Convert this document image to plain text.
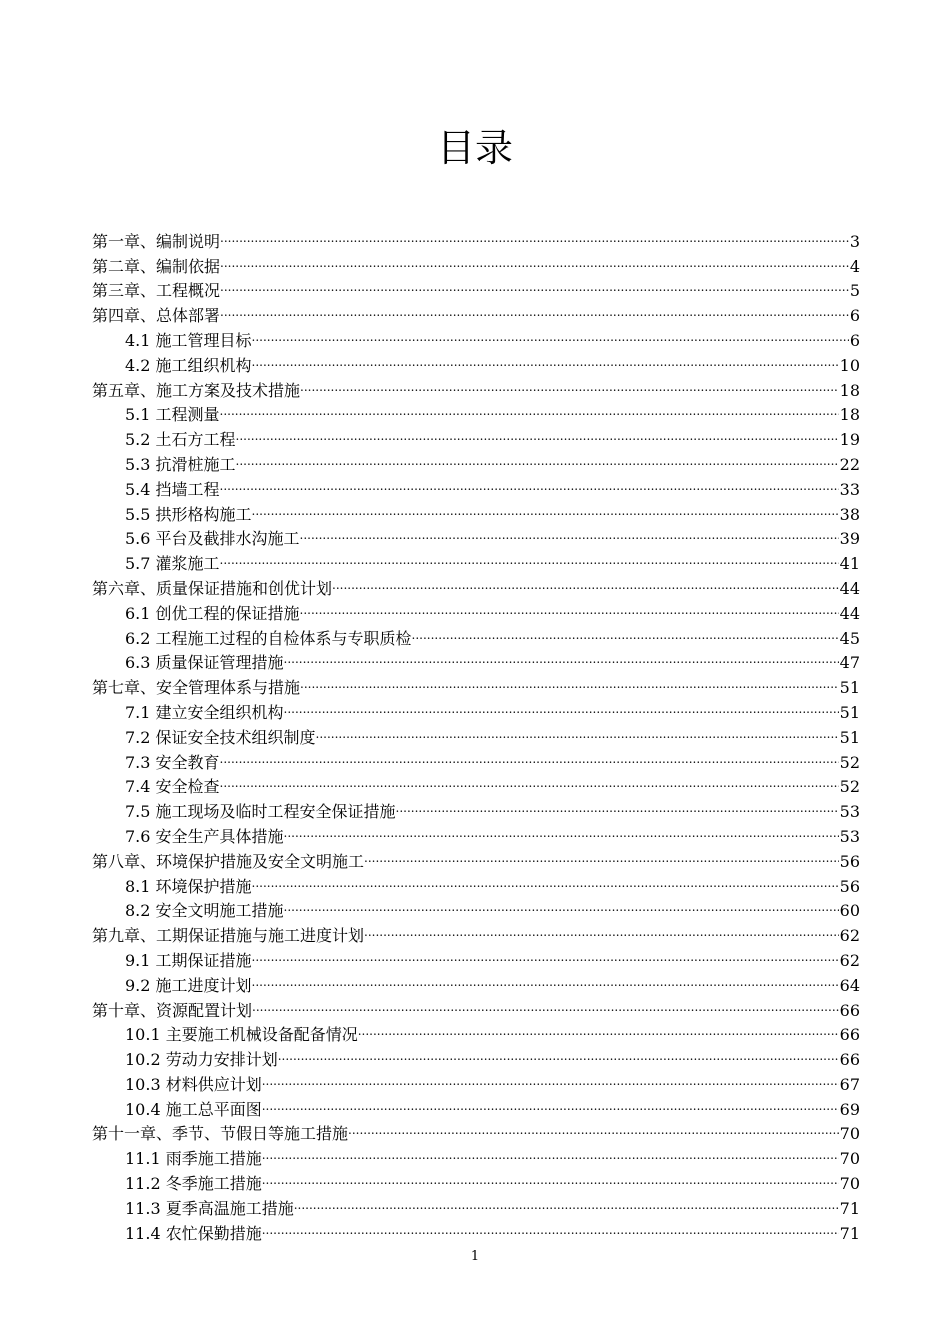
目录
第一章、编制说明 .....	3
第二章、编制依据 .....	4
第三章、工程概况 .....	5
第四章、总体部署 .....	6
4.1 施工管理目标 .....	6
4.2 施工组织机构 .....	10
第五章、施工方案及技术措施 .....	18
5.1 工程测量 .....	18
5.2 土石方工程 .....	19
5.3 抗滑桩施工 .....	22
5.4 挡墙工程 .....	33
5.5 拱形格构施工 .....	38
5.6 平台及截排水沟施工 .....	39
5.7 灌浆施工 .....	41
第六章、质量保证措施和创优计划 .....	44
6.1 创优工程的保证措施 .....	44
6.2 工程施工过程的自检体系与专职质检 .....	45
6.3 质量保证管理措施 .....	47
第七章、安全管理体系与措施 .....	51
7.1 建立安全组织机构 .....	51
7.2 保证安全技术组织制度 .....	51
7.3 安全教育 .....	52
7.4 安全检查 .....	52
7.5 施工现场及临时工程安全保证措施 .....	53
7.6 安全生产具体措施 .....	53
第八章、环境保护措施及安全文明施工 .....	56
8.1 环境保护措施 .....	56
8.2 安全文明施工措施 .....	60
第九章、工期保证措施与施工进度计划 .....	62
9.1 工期保证措施 .....	62
9.2 施工进度计划 .....	64
第十章、资源配置计划 .....	66
10.1 主要施工机械设备配备情况 .....	66
10.2 劳动力安排计划 .....	66
10.3 材料供应计划 .....	67
10.4 施工总平面图 .....	69
第十一章、季节、节假日等施工措施 .....	70
11.1 雨季施工措施 .....	70
11.2 冬季施工措施 .....	70
11.3 夏季高温施工措施 .....	71
11.4 农忙保勤措施 .....	71
1
